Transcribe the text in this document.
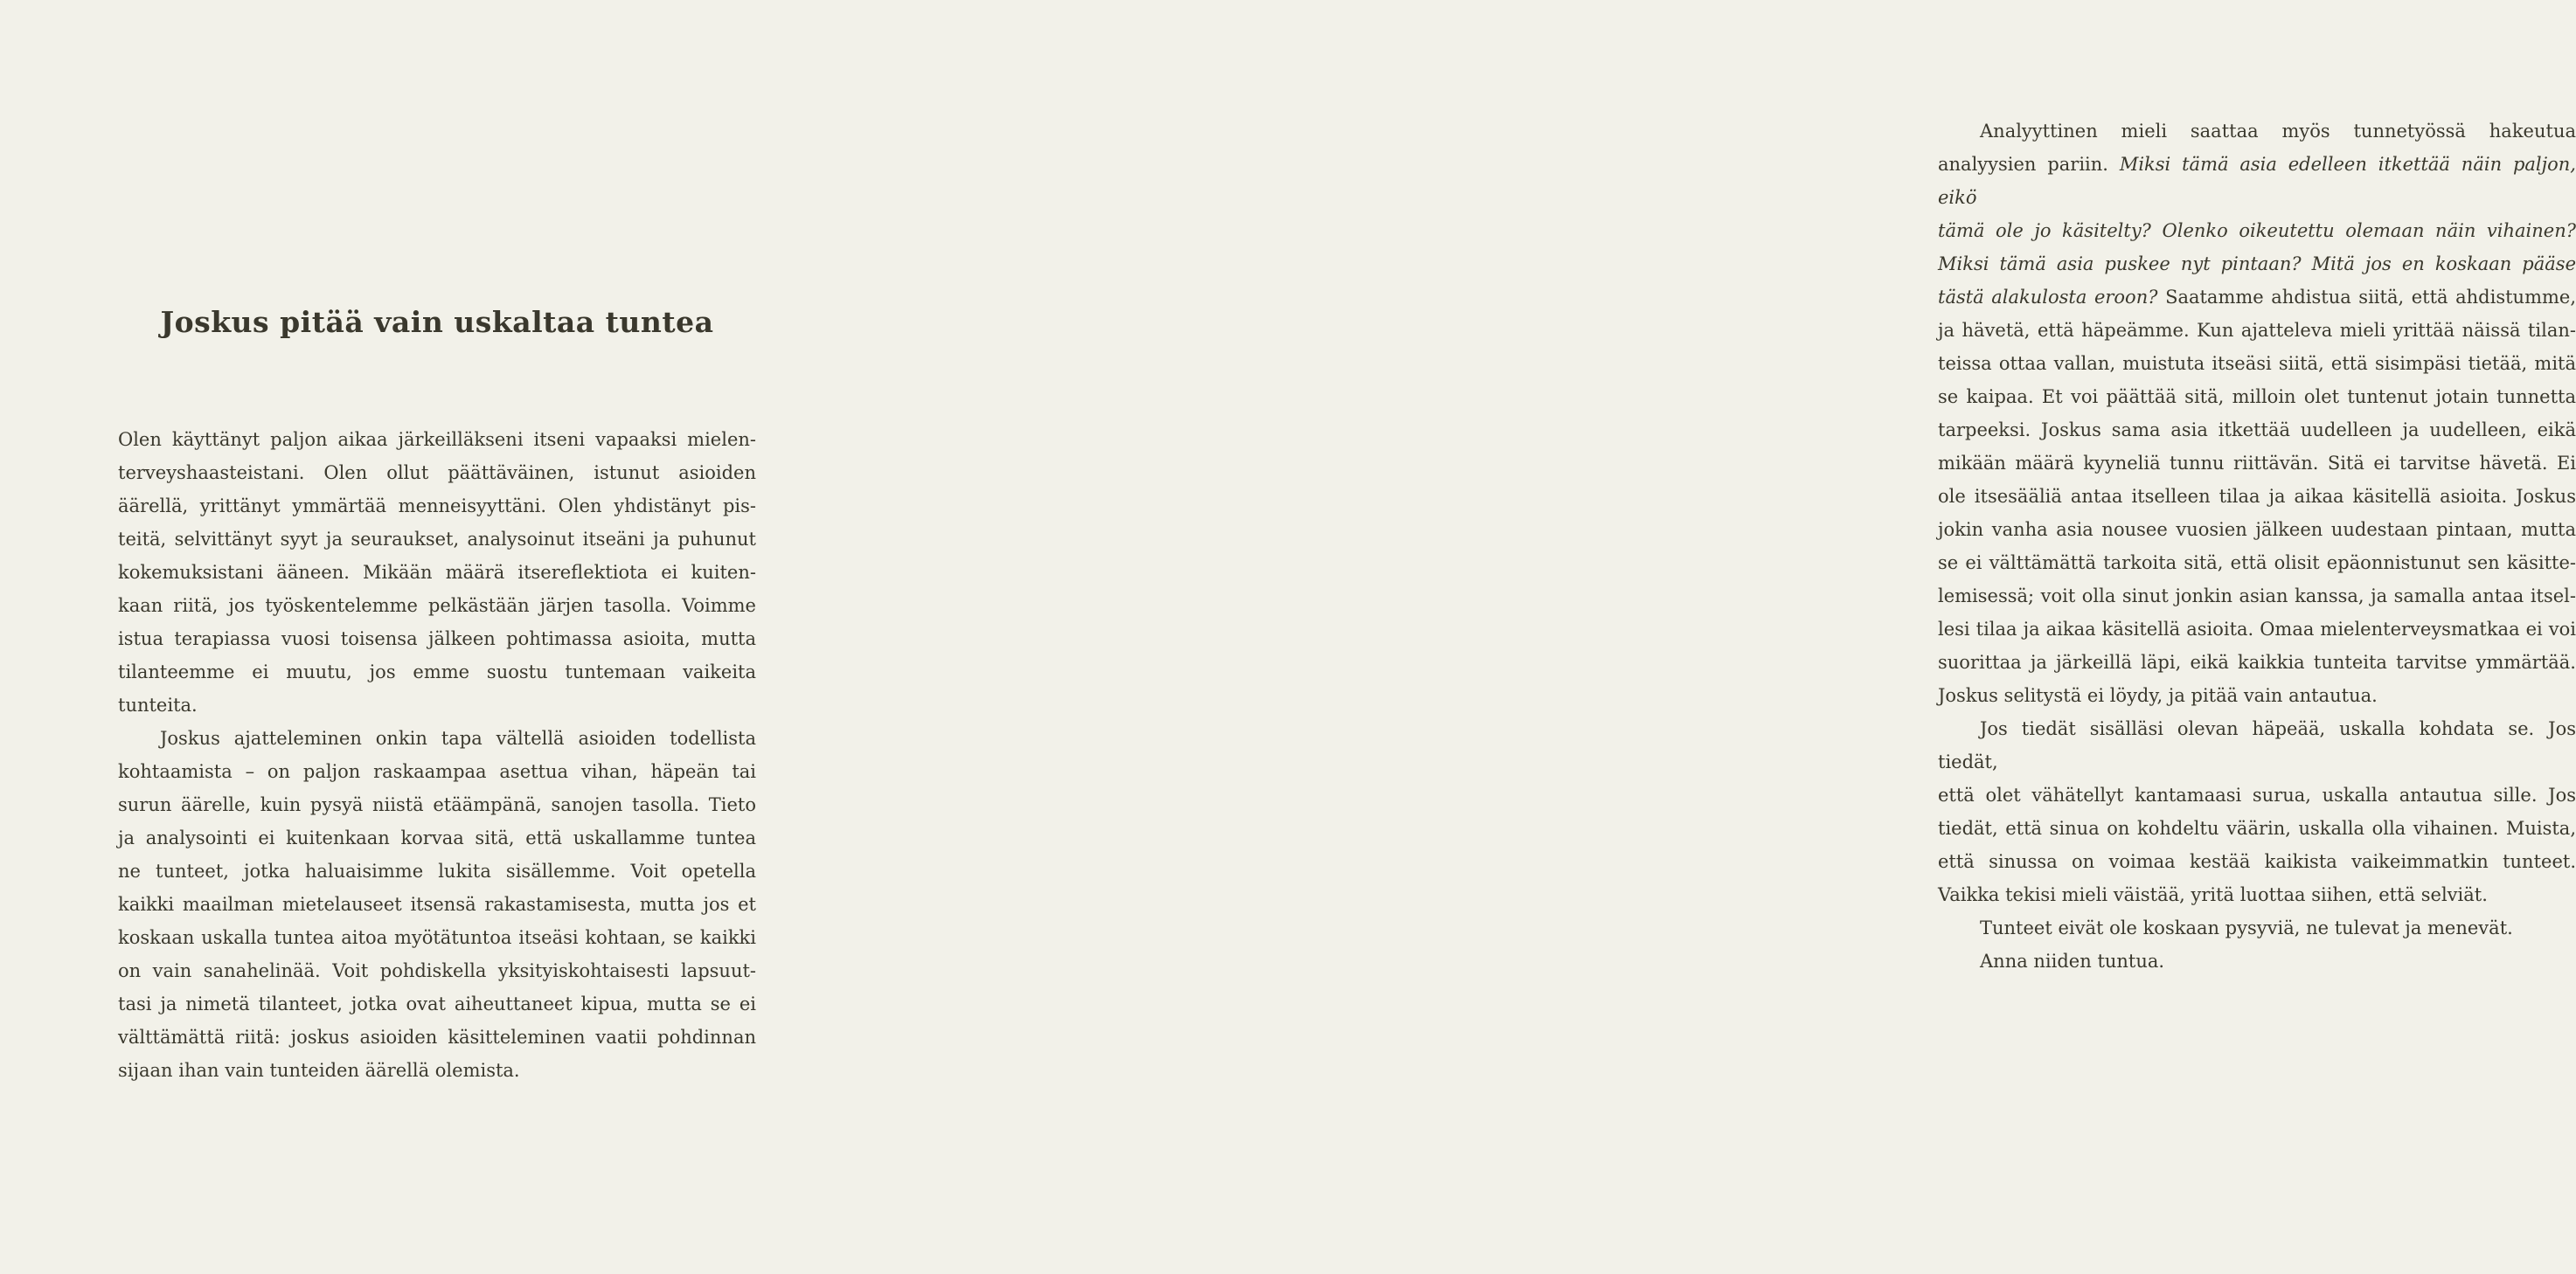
Joskus pitää vain uskaltaa tuntea
Olen käyttänyt paljon aikaa järkeilläkseni itseni vapaaksi mielen-
terveyshaasteistani. Olen ollut päättäväinen, istunut asioiden
äärellä, yrittänyt ymmärtää menneisyyttäni. Olen yhdistänyt pis-
teitä, selvittänyt syyt ja seuraukset, analysoinut itseäni ja puhunut
kokemuksistani ääneen. Mikään määrä itsereflektiota ei kuiten-
kaan riitä, jos työskentelemme pelkästään järjen tasolla. Voimme
istua terapiassa vuosi toisensa jälkeen pohtimassa asioita, mutta
tilanteemme ei muutu, jos emme suostu tuntemaan vaikeita
tunteita.
Joskus ajatteleminen onkin tapa vältellä asioiden todellista
kohtaamista – on paljon raskaampaa asettua vihan, häpeän tai
surun äärelle, kuin pysyä niistä etäämpänä, sanojen tasolla. Tieto
ja analysointi ei kuitenkaan korvaa sitä, että uskallamme tuntea
ne tunteet, jotka haluaisimme lukita sisällemme. Voit opetella
kaikki maailman mietelauseet itsensä rakastamisesta, mutta jos et
koskaan uskalla tuntea aitoa myötätuntoa itseäsi kohtaan, se kaikki
on vain sanahelinää. Voit pohdiskella yksityiskohtaisesti lapsuut-
tasi ja nimetä tilanteet, jotka ovat aiheuttaneet kipua, mutta se ei
välttämättä riitä: joskus asioiden käsitteleminen vaatii pohdinnan
sijaan ihan vain tunteiden äärellä olemista.
Analyyttinen mieli saattaa myös tunnetyössä hakeutua
analyysien pariin. Miksi tämä asia edelleen itkettää näin paljon, eikö
tämä ole jo käsitelty? Olenko oikeutettu olemaan näin vihainen?
Miksi tämä asia puskee nyt pintaan? Mitä jos en koskaan pääse
tästä alakulosta eroon? Saatamme ahdistua siitä, että ahdistumme,
ja hävetä, että häpeämme. Kun ajatteleva mieli yrittää näissä tilan-
teissa ottaa vallan, muistuta itseäsi siitä, että sisimpäsi tietää, mitä
se kaipaa. Et voi päättää sitä, milloin olet tuntenut jotain tunnetta
tarpeeksi. Joskus sama asia itkettää uudelleen ja uudelleen, eikä
mikään määrä kyyneliä tunnu riittävän. Sitä ei tarvitse hävetä. Ei
ole itsesääliä antaa itselleen tilaa ja aikaa käsitellä asioita. Joskus
jokin vanha asia nousee vuosien jälkeen uudestaan pintaan, mutta
se ei välttämättä tarkoita sitä, että olisit epäonnistunut sen käsitte-
lemisessä; voit olla sinut jonkin asian kanssa, ja samalla antaa itsel-
lesi tilaa ja aikaa käsitellä asioita. Omaa mielenterveysmatkaa ei voi
suorittaa ja järkeillä läpi, eikä kaikkia tunteita tarvitse ymmärtää.
Joskus selitystä ei löydy, ja pitää vain antautua.
Jos tiedät sisälläsi olevan häpeää, uskalla kohdata se. Jos tiedät,
että olet vähätellyt kantamaasi surua, uskalla antautua sille. Jos
tiedät, että sinua on kohdeltu väärin, uskalla olla vihainen. Muista,
että sinussa on voimaa kestää kaikista vaikeimmatkin tunteet.
Vaikka tekisi mieli väistää, yritä luottaa siihen, että selviät.
Tunteet eivät ole koskaan pysyviä, ne tulevat ja menevät.
Anna niiden tuntua.
